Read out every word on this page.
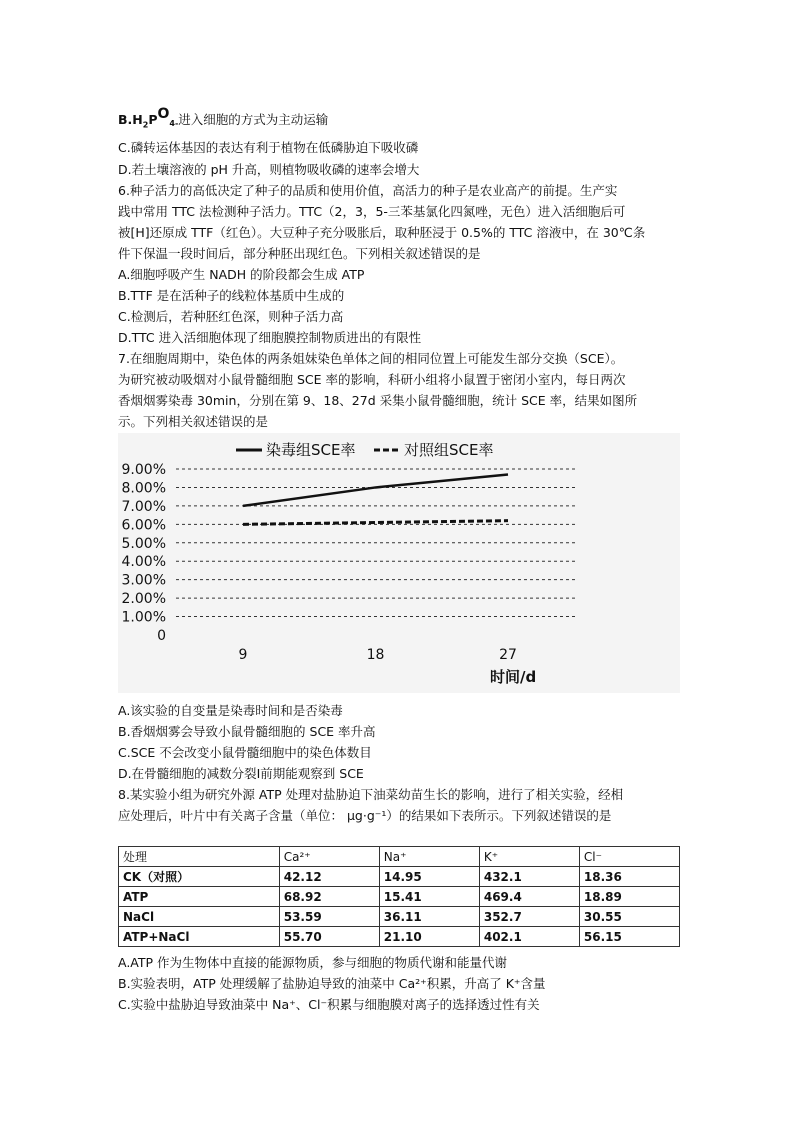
$B.H_2PO_{4-}$进入细胞的方式为主动运输
C.磷转运体基因的表达有利于植物在低磷胁迫下吸收磷
D.若土壤溶液的 pH 升高，则植物吸收磷的速率会增大
6.种子活力的高低决定了种子的品质和使用价值，高活力的种子是农业高产的前提。生产实
践中常用 TTC 法检测种子活力。TTC（2，3，5-三苯基氯化四氮唑，无色）进入活细胞后可
被[H]还原成 TTF（红色）。大豆种子充分吸胀后，取种胚浸于 0.5%的 TTC 溶液中，在 30℃条
件下保温一段时间后，部分种胚出现红色。下列相关叙述错误的是
A.细胞呼吸产生 NADH 的阶段都会生成 ATP
B.TTF 是在活种子的线粒体基质中生成的
C.检测后，若种胚红色深，则种子活力高
D.TTC 进入活细胞体现了细胞膜控制物质进出的有限性
7.在细胞周期中，染色体的两条姐妹染色单体之间的相同位置上可能发生部分交换（SCE）。
为研究被动吸烟对小鼠骨髓细胞 SCE 率的影响，科研小组将小鼠置于密闭小室内，每日两次
香烟烟雾染毒 30min，分别在第 9、18、27d 采集小鼠骨髓细胞，统计 SCE 率，结果如图所
示。下列相关叙述错误的是
0
1.00%
2.00%
3.00%
4.00%
5.00%
6.00%
7.00%
8.00%
9.00%
9	18	27
染毒组SCE率	对照组SCE率
时间/d
A.该实验的自变量是染毒时间和是否染毒
B.香烟烟雾会导致小鼠骨髓细胞的 SCE 率升高
C.SCE 不会改变小鼠骨髓细胞中的染色体数目
D.在骨髓细胞的减数分裂Ⅰ前期能观察到 SCE
8.某实验小组为研究外源 ATP 处理对盐胁迫下油菜幼苗生长的影响，进行了相关实验，经相
应处理后，叶片中有关离子含量（单位： μg·g⁻¹）的结果如下表所示。下列叙述错误的是
处理	Ca²⁺	Na⁺	K⁺	Cl⁻
CK（对照）	42.12	14.95	432.1	18.36
ATP	68.92	15.41	469.4	18.89
NaCl	53.59	36.11	352.7	30.55
ATP+NaCl	55.70	21.10	402.1	56.15
A.ATP 作为生物体中直接的能源物质，参与细胞的物质代谢和能量代谢
B.实验表明，ATP 处理缓解了盐胁迫导致的油菜中 Ca²⁺积累，升高了 K⁺含量
C.实验中盐胁迫导致油菜中 Na⁺、Cl⁻积累与细胞膜对离子的选择透过性有关
